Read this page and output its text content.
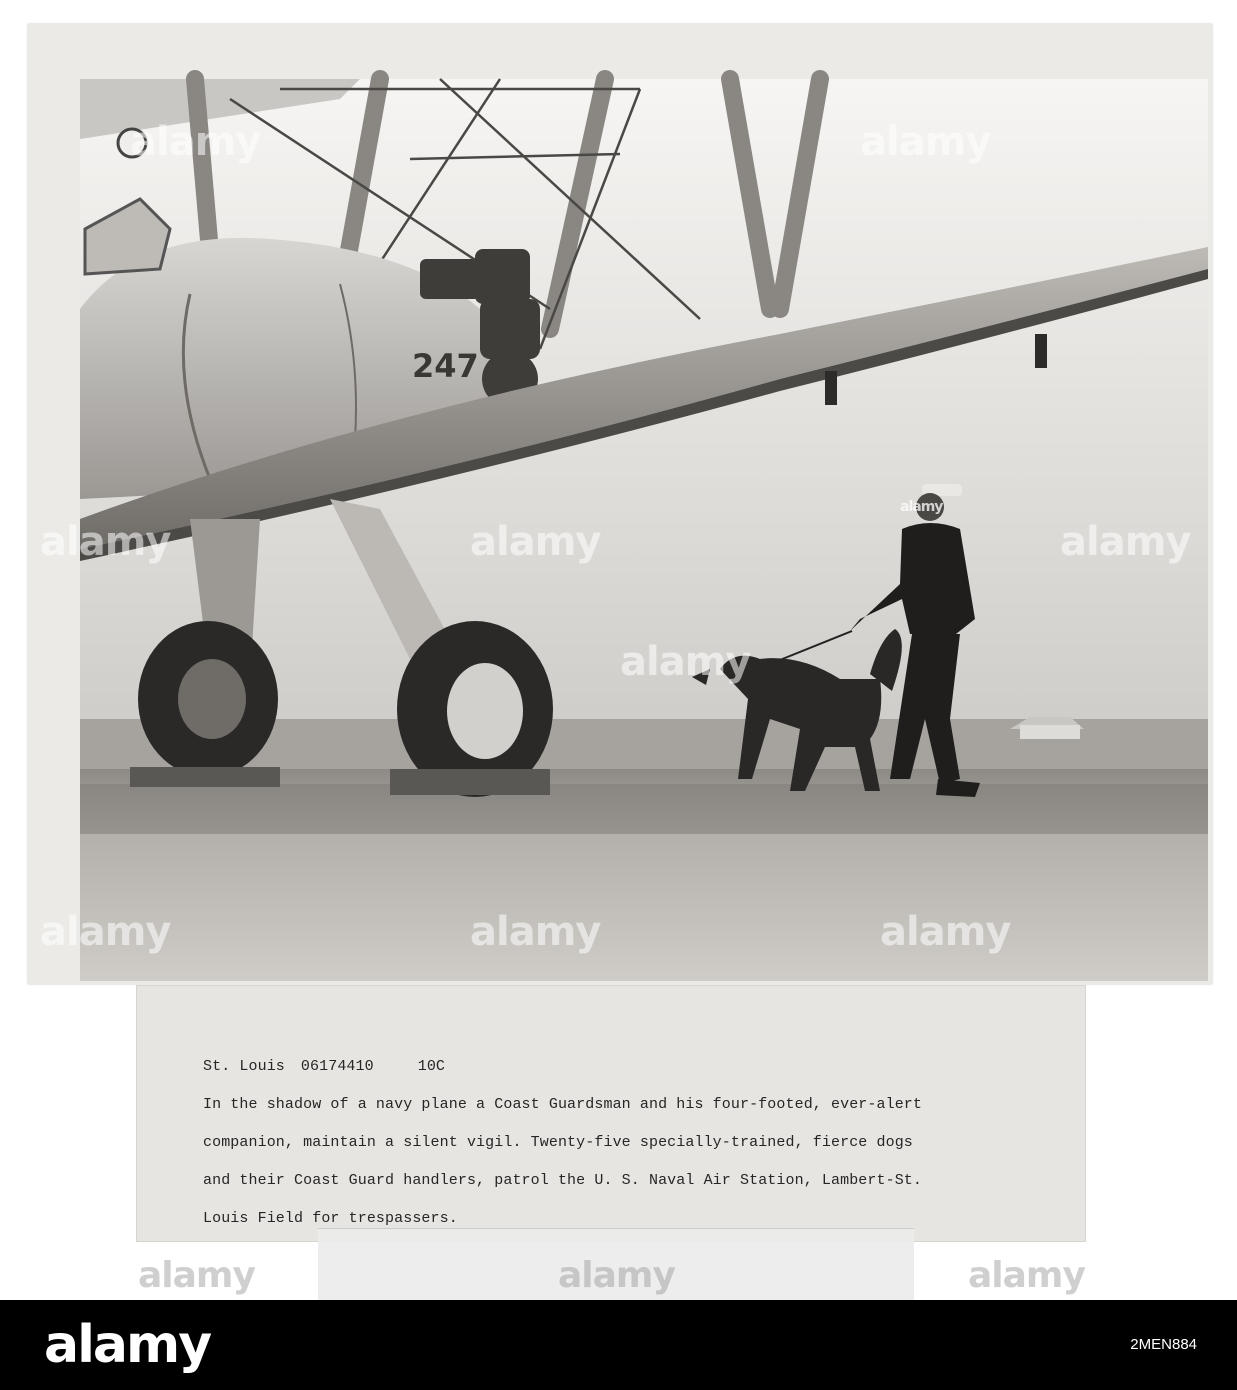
247
alamy	alamy
alamy	alamy	alamy
alamy
alamy	alamy	alamy
alamy
St. Louis 06174410	10C
In the shadow of a navy plane a Coast Guardsman and his four-footed, ever-alert
companion, maintain a silent vigil. Twenty-five specially-trained, fierce dogs
and their Coast Guard handlers, patrol the U. S. Naval Air Station, Lambert-St.
Louis Field for trespassers.
alamy	alamy	alamy
alamy	2MEN884
